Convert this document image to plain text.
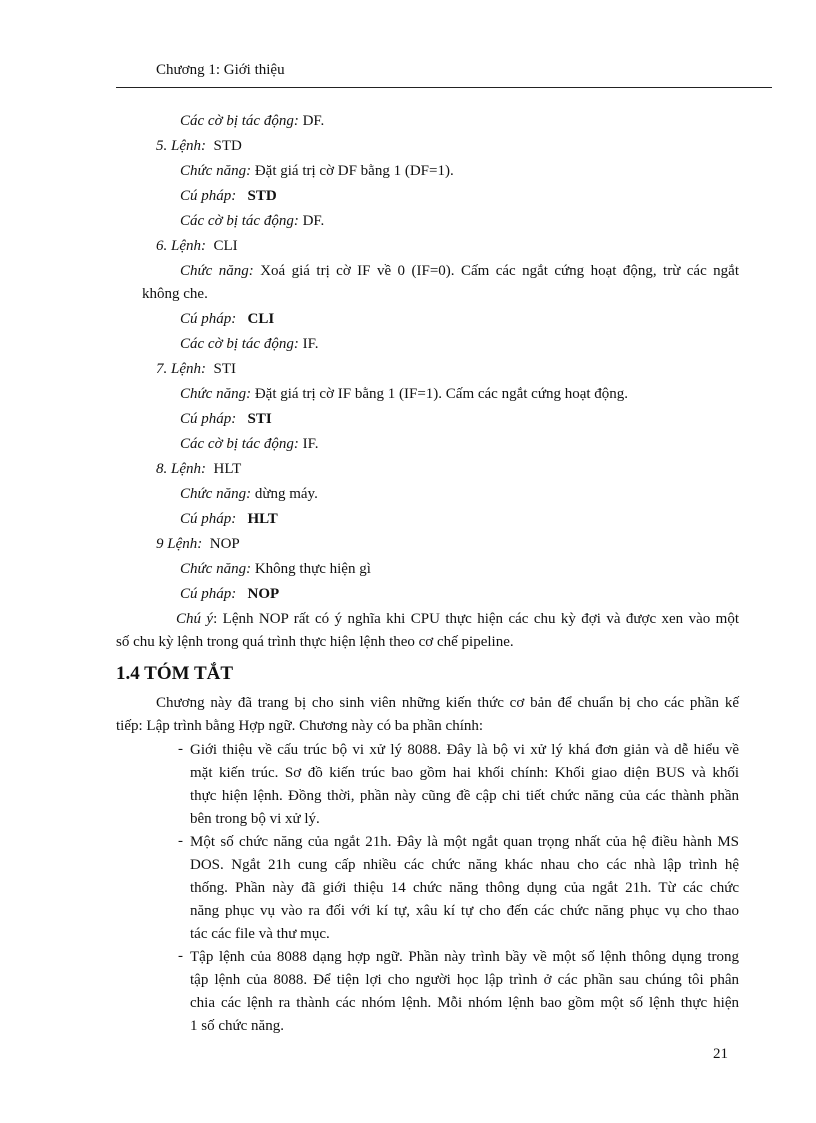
Chương 1: Giới thiệu
Các cờ bị tác động: DF.
5. Lệnh: STD
Chức năng: Đặt giá trị cờ DF bằng 1 (DF=1).
Cú pháp: STD
Các cờ bị tác động: DF.
6. Lệnh: CLI
Chức năng: Xoá giá trị cờ IF về 0 (IF=0). Cấm các ngắt cứng hoạt động, trừ các ngắt
không che.
Cú pháp: CLI
Các cờ bị tác động: IF.
7. Lệnh: STI
Chức năng: Đặt giá trị cờ IF bằng 1 (IF=1). Cấm các ngắt cứng hoạt động.
Cú pháp: STI
Các cờ bị tác động: IF.
8. Lệnh: HLT
Chức năng: dừng máy.
Cú pháp: HLT
9 Lệnh: NOP
Chức năng: Không thực hiện gì
Cú pháp: NOP
Chú ý: Lệnh NOP rất có ý nghĩa khi CPU thực hiện các chu kỳ đợi và được xen vào một
số chu kỳ lệnh trong quá trình thực hiện lệnh theo cơ chế pipeline.
1.4 TÓM TẮT
Chương này đã trang bị cho sinh viên những kiến thức cơ bản để chuẩn bị cho các phần kế
tiếp: Lập trình bằng Hợp ngữ. Chương này có ba phần chính:
- Giới thiệu về cấu trúc bộ vi xử lý 8088. Đây là bộ vi xử lý khá đơn giản và dễ hiểu về
mặt kiến trúc. Sơ đồ kiến trúc bao gồm hai khối chính: Khối giao diện BUS và khối
thực hiện lệnh. Đồng thời, phần này cũng đề cập chi tiết chức năng của các thành phần
bên trong bộ vi xử lý.
- Một số chức năng của ngắt 21h. Đây là một ngắt quan trọng nhất của hệ điều hành MS
DOS. Ngắt 21h cung cấp nhiều các chức năng khác nhau cho các nhà lập trình hệ
thống. Phần này đã giới thiệu 14 chức năng thông dụng của ngắt 21h. Từ các chức
năng phục vụ vào ra đối với kí tự, xâu kí tự cho đến các chức năng phục vụ cho thao
tác các file và thư mục.
- Tập lệnh của 8088 dạng hợp ngữ. Phần này trình bầy về một số lệnh thông dụng trong
tập lệnh của 8088. Để tiện lợi cho người học lập trình ở các phần sau chúng tôi phân
chia các lệnh ra thành các nhóm lệnh. Mỗi nhóm lệnh bao gồm một số lệnh thực hiện
1 số chức năng.
21
